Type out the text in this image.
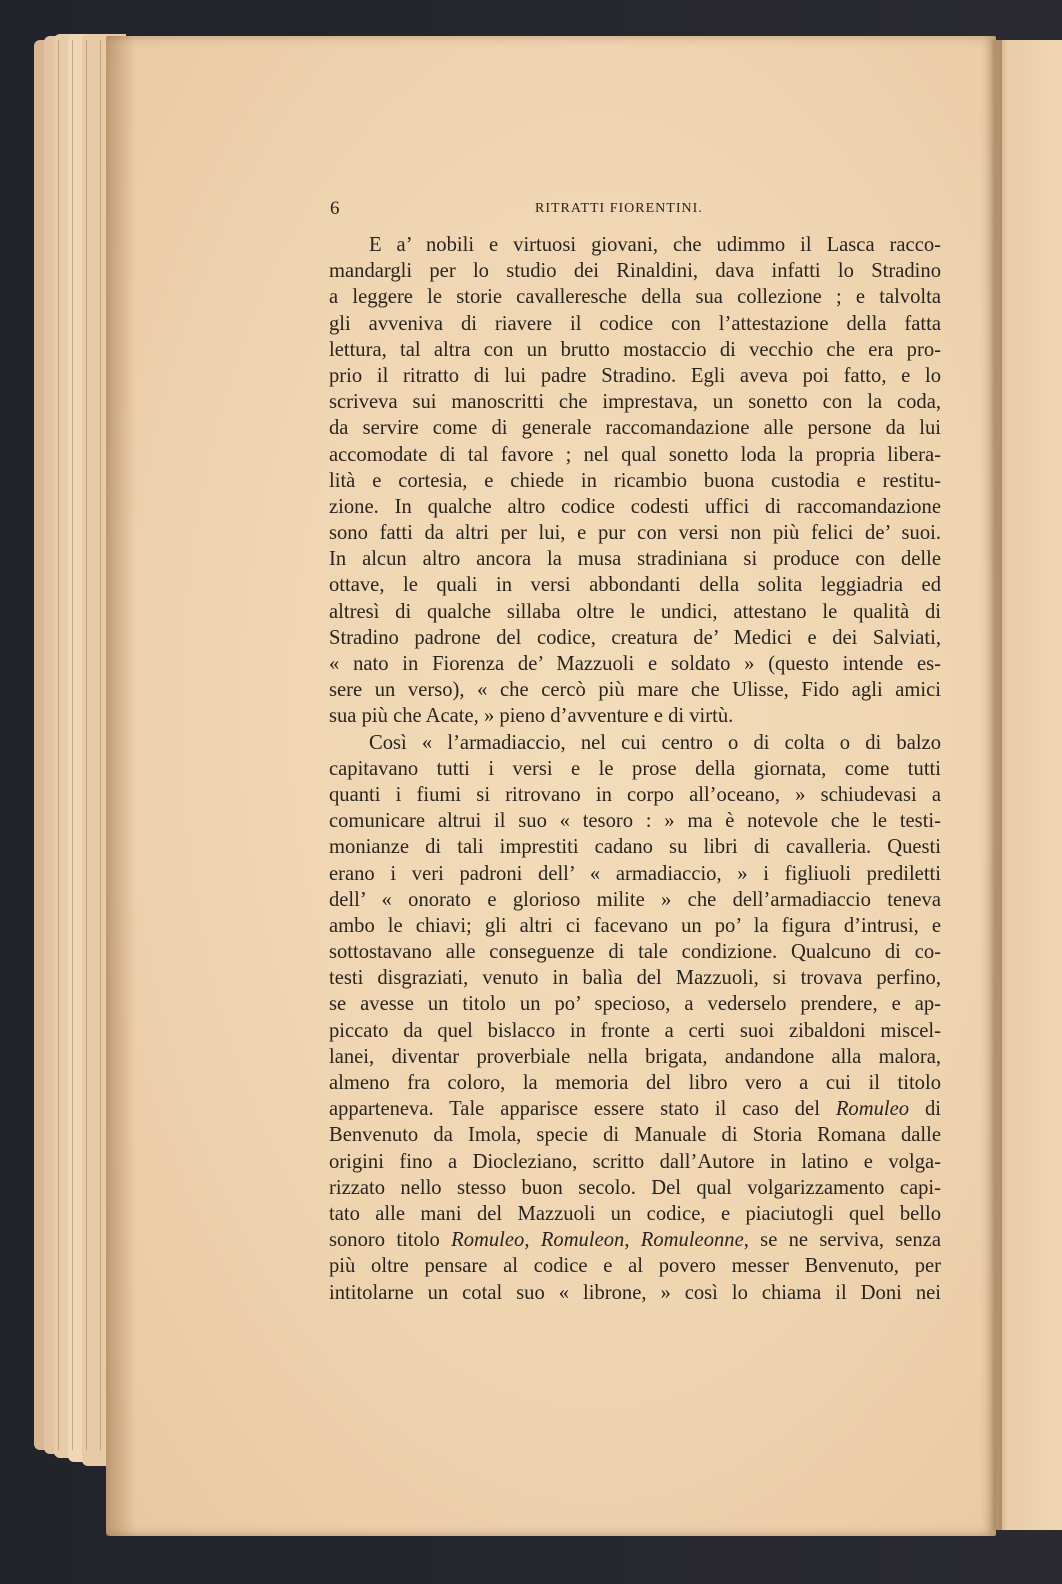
6	RITRATTI FIORENTINI.
E a’ nobili e virtuosi giovani, che udimmo il Lasca racco-
mandargli per lo studio dei Rinaldini, dava infatti lo Stradino
a leggere le storie cavalleresche della sua collezione ; e talvolta
gli avveniva di riavere il codice con l’attestazione della fatta
lettura, tal altra con un brutto mostaccio di vecchio che era pro-
prio il ritratto di lui padre Stradino. Egli aveva poi fatto, e lo
scriveva sui manoscritti che imprestava, un sonetto con la coda,
da servire come di generale raccomandazione alle persone da lui
accomodate di tal favore ; nel qual sonetto loda la propria libera-
lità e cortesia, e chiede in ricambio buona custodia e restitu-
zione. In qualche altro codice codesti uffici di raccomandazione
sono fatti da altri per lui, e pur con versi non più felici de’ suoi.
In alcun altro ancora la musa stradiniana si produce con delle
ottave, le quali in versi abbondanti della solita leggiadria ed
altresì di qualche sillaba oltre le undici, attestano le qualità di
Stradino padrone del codice, creatura de’ Medici e dei Salviati,
« nato in Fiorenza de’ Mazzuoli e soldato » (questo intende es-
sere un verso), « che cercò più mare che Ulisse, Fido agli amici
sua più che Acate, » pieno d’avventure e di virtù.
Così « l’armadiaccio, nel cui centro o di colta o di balzo
capitavano tutti i versi e le prose della giornata, come tutti
quanti i fiumi si ritrovano in corpo all’oceano, » schiudevasi a
comunicare altrui il suo « tesoro : » ma è notevole che le testi-
monianze di tali imprestiti cadano su libri di cavalleria. Questi
erano i veri padroni dell’ « armadiaccio, » i figliuoli prediletti
dell’ « onorato e glorioso milite » che dell’armadiaccio teneva
ambo le chiavi; gli altri ci facevano un po’ la figura d’intrusi, e
sottostavano alle conseguenze di tale condizione. Qualcuno di co-
testi disgraziati, venuto in balìa del Mazzuoli, si trovava perfino,
se avesse un titolo un po’ specioso, a vederselo prendere, e ap-
piccato da quel bislacco in fronte a certi suoi zibaldoni miscel-
lanei, diventar proverbiale nella brigata, andandone alla malora,
almeno fra coloro, la memoria del libro vero a cui il titolo
apparteneva. Tale apparisce essere stato il caso del Romuleo di
Benvenuto da Imola, specie di Manuale di Storia Romana dalle
origini fino a Diocleziano, scritto dall’Autore in latino e volga-
rizzato nello stesso buon secolo. Del qual volgarizzamento capi-
tato alle mani del Mazzuoli un codice, e piaciutogli quel bello
sonoro titolo Romuleo, Romuleon, Romuleonne, se ne serviva, senza
più oltre pensare al codice e al povero messer Benvenuto, per
intitolarne un cotal suo « librone, » così lo chiama il Doni nei
